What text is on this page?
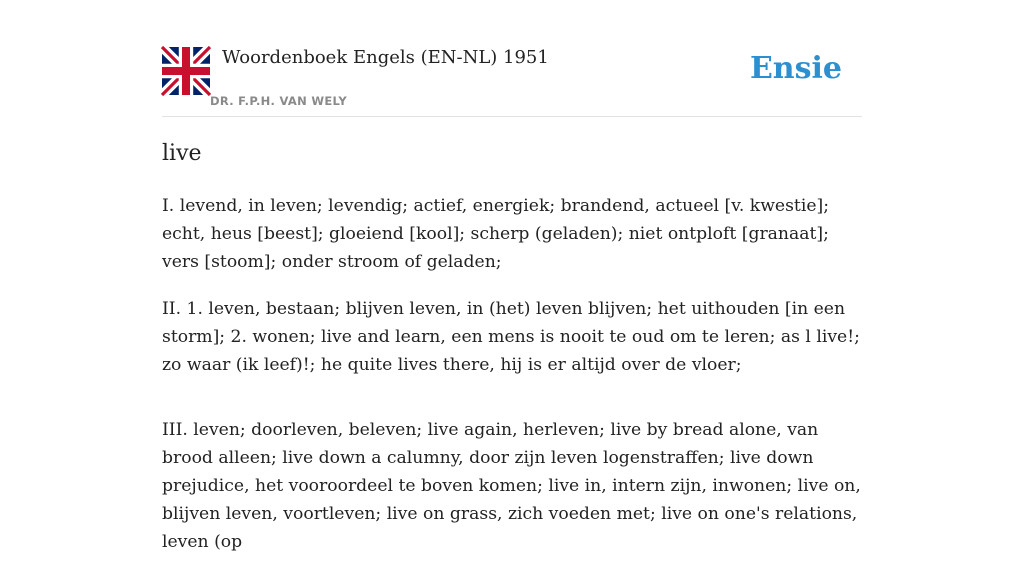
Woordenboek Engels (EN-NL) 1951
DR. F.P.H. VAN WELY
Ensie
live

I. levend, in leven; levendig; actief, energiek; brandend, actueel [v. kwestie]; echt, heus [beest]; gloeiend [kool]; scherp (geladen); niet ontploft [granaat]; vers [stoom]; onder stroom of geladen;

II. 1. leven, bestaan; blijven leven, in (het) leven blijven; het uithouden [in een storm]; 2. wonen; live and learn, een mens is nooit te oud om te leren; as l live!; zo waar (ik leef)!; he quite lives there, hij is er altijd over de vloer;

III. leven; doorleven, beleven; live again, herleven; live by bread alone, van brood alleen; live down a calumny, door zijn leven logenstraffen; live down prejudice, het vooroordeel te boven komen; live in, intern zijn, inwonen; live on, blijven leven, voortleven; live on grass, zich voeden met; live on one's relations, leven (op
